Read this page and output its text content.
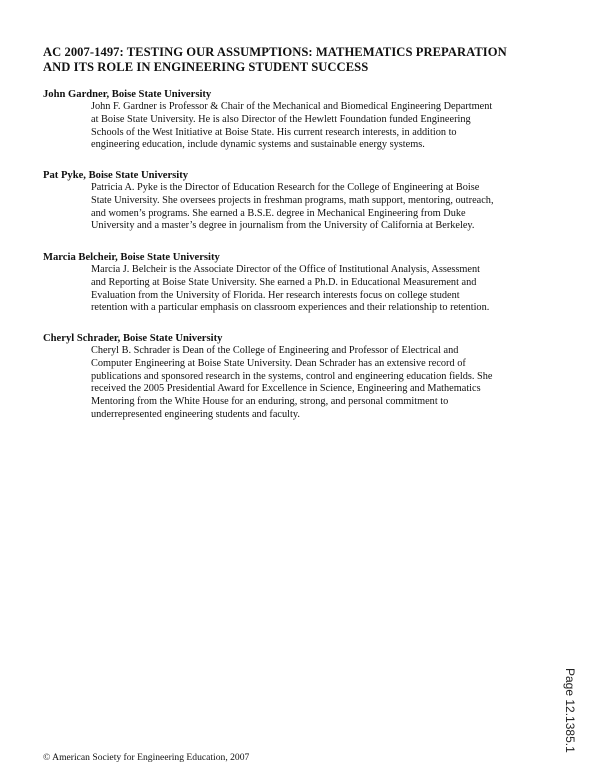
AC 2007-1497: TESTING OUR ASSUMPTIONS: MATHEMATICS PREPARATION
AND ITS ROLE IN ENGINEERING STUDENT SUCCESS
John Gardner, Boise State University
John F. Gardner is Professor & Chair of the Mechanical and Biomedical Engineering Department
at Boise State University. He is also Director of the Hewlett Foundation funded Engineering
Schools of the West Initiative at Boise State. His current research interests, in addition to
engineering education, include dynamic systems and sustainable energy systems.
Pat Pyke, Boise State University
Patricia A. Pyke is the Director of Education Research for the College of Engineering at Boise
State University. She oversees projects in freshman programs, math support, mentoring, outreach,
and women’s programs. She earned a B.S.E. degree in Mechanical Engineering from Duke
University and a master’s degree in journalism from the University of California at Berkeley.
Marcia Belcheir, Boise State University
Marcia J. Belcheir is the Associate Director of the Office of Institutional Analysis, Assessment
and Reporting at Boise State University. She earned a Ph.D. in Educational Measurement and
Evaluation from the University of Florida. Her research interests focus on college student
retention with a particular emphasis on classroom experiences and their relationship to retention.
Cheryl Schrader, Boise State University
Cheryl B. Schrader is Dean of the College of Engineering and Professor of Electrical and
Computer Engineering at Boise State University. Dean Schrader has an extensive record of
publications and sponsored research in the systems, control and engineering education fields. She
received the 2005 Presidential Award for Excellence in Science, Engineering and Mathematics
Mentoring from the White House for an enduring, strong, and personal commitment to
underrepresented engineering students and faculty.
Page 12.1385.1
© American Society for Engineering Education, 2007
